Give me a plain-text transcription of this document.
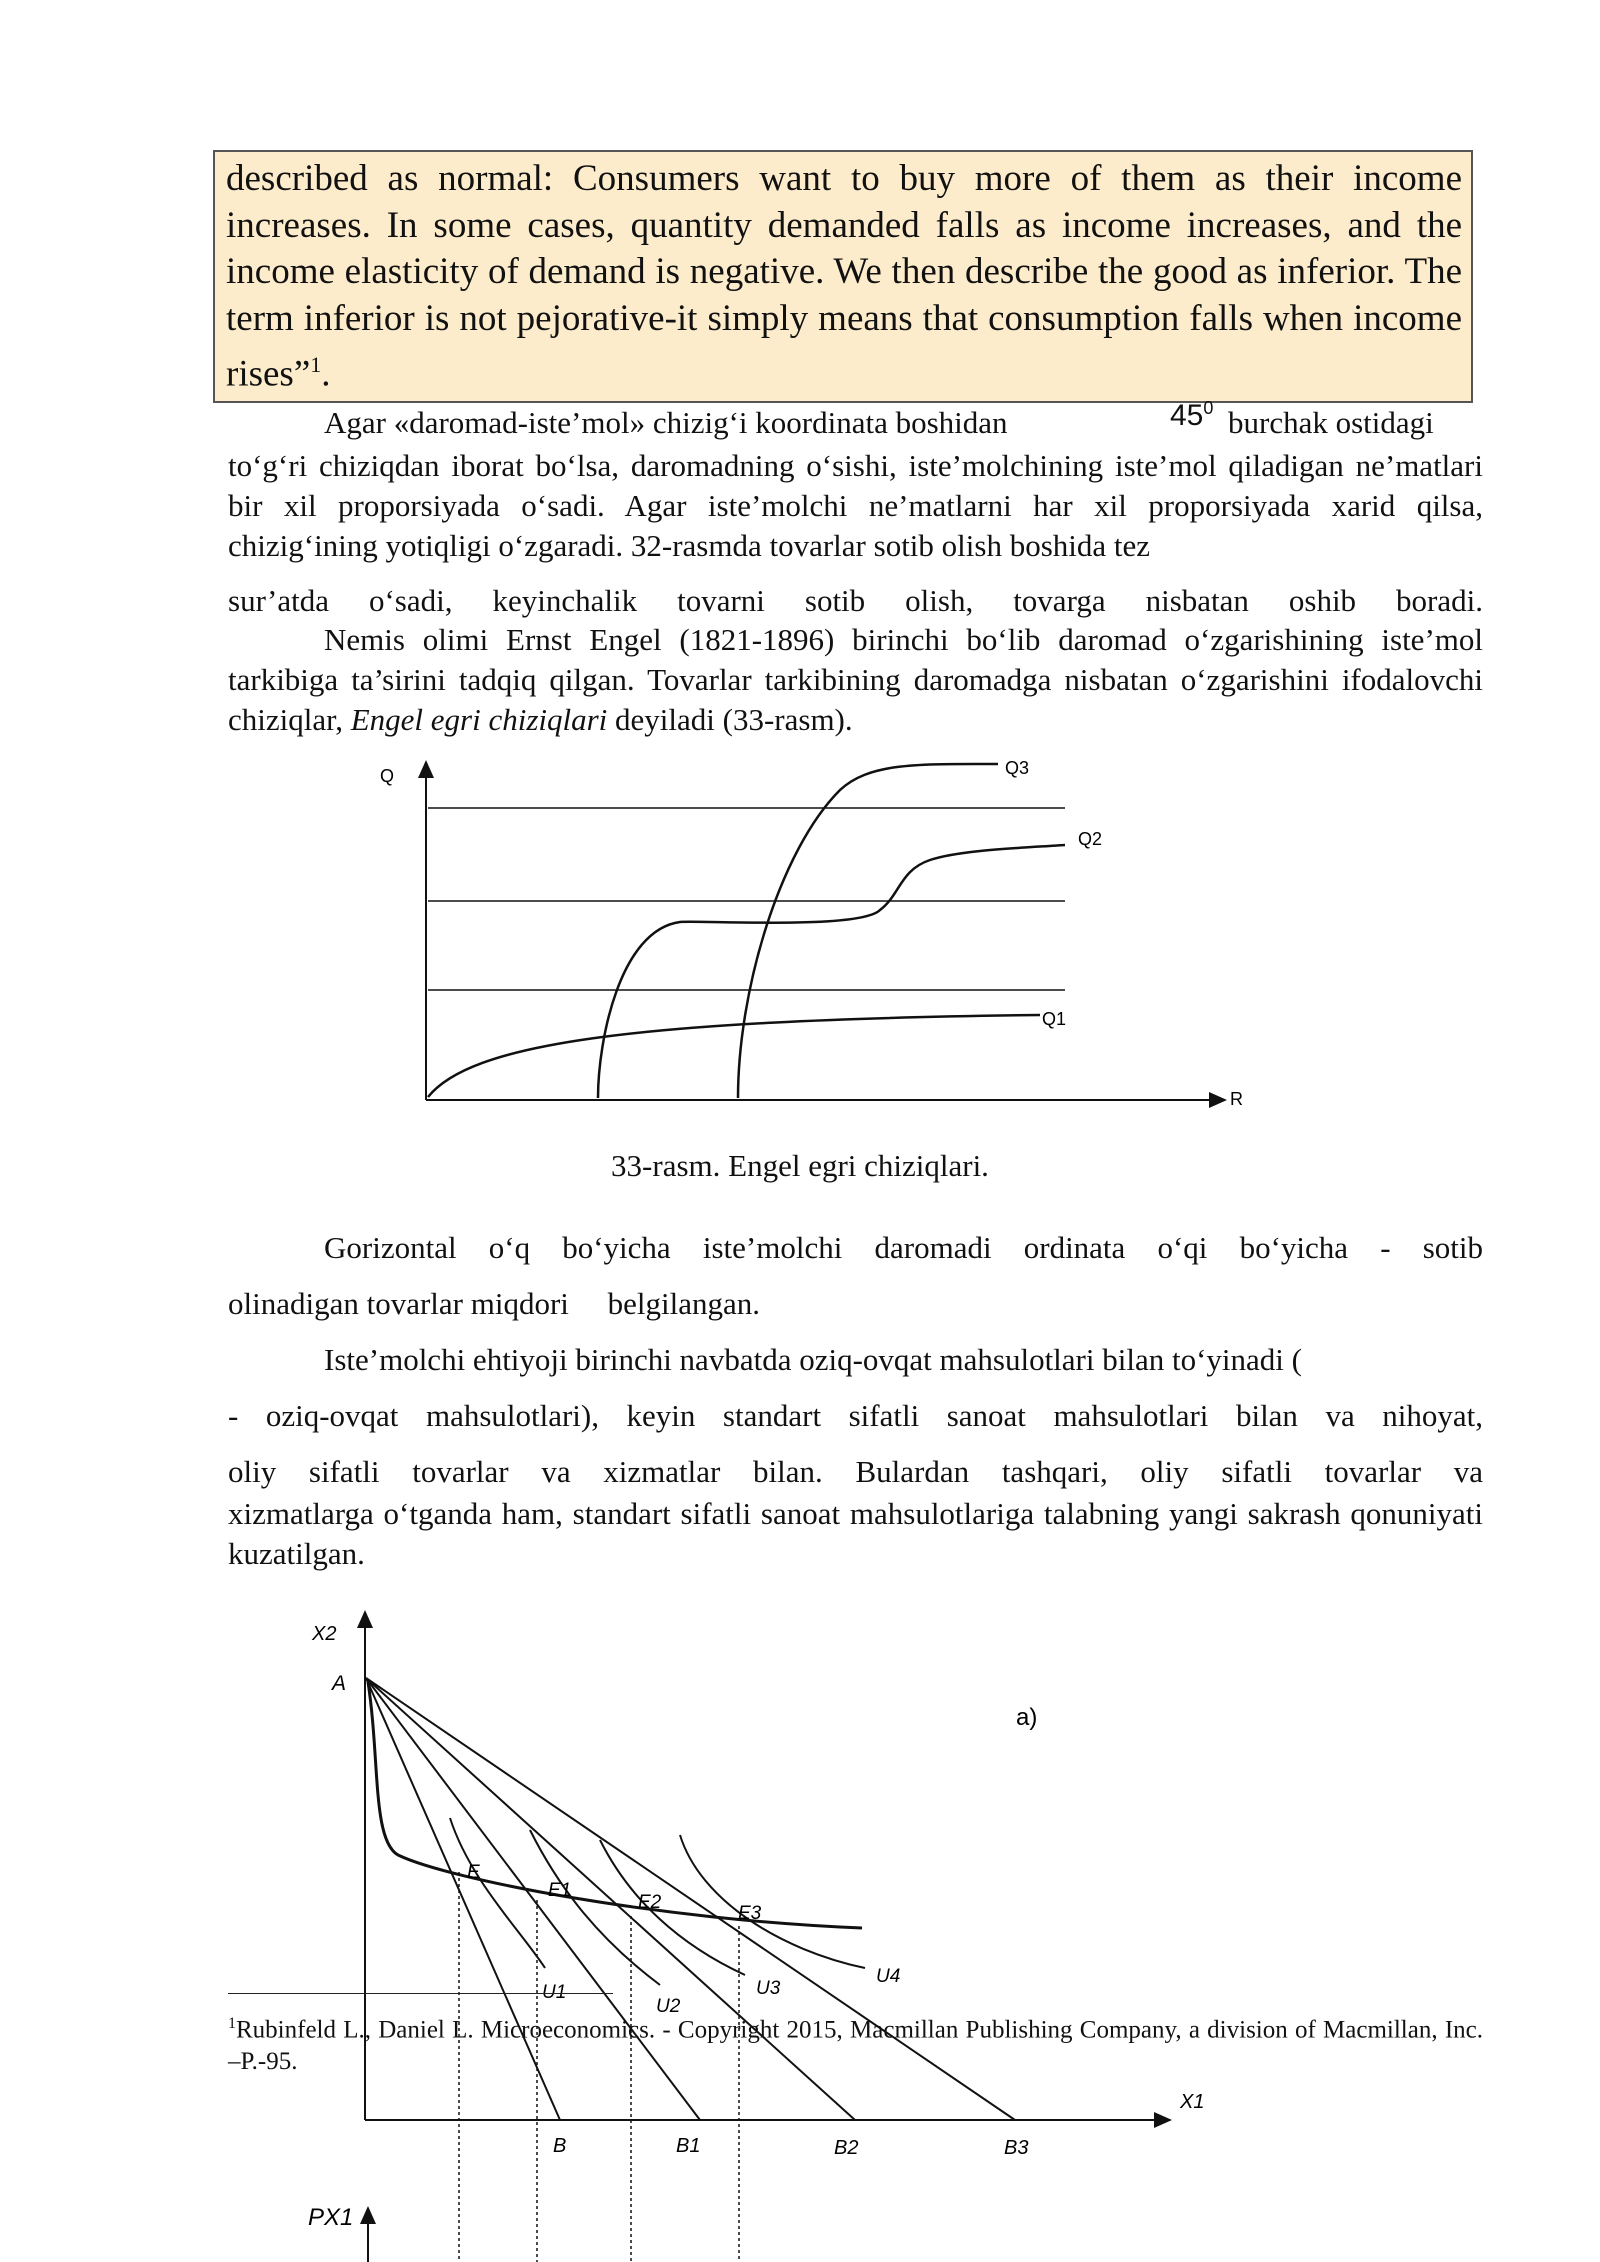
described as normal: Consumers want to buy more of them as their income increases. In some cases, quantity demanded falls as income increases, and the income elasticity of demand is negative. We then describe the good as inferior. The term inferior is not pejorative-it simply means that consumption falls when income rises”$^1$.
Agar «daromad-iste’mol» chizig‘i koordinata boshidan	$45^0$ burchak ostidagi

to‘g‘ri chiziqdan iborat bo‘lsa, daromadning o‘sishi, iste’molchining iste’mol qiladigan ne’matlari bir xil proporsiyada o‘sadi. Agar iste’molchi ne’matlarni har xil proporsiyada xarid qilsa, chizig‘ining yotiqligi o‘zgaradi. 32-rasmda tovarlar sotib olish boshida tez

sur’atda o‘sadi, keyinchalik tovarni sotib olish, tovarga nisbatan oshib boradi.

Nemis olimi Ernst Engel (1821-1896) birinchi bo‘lib daromad o‘zgarishining iste’mol tarkibiga ta’sirini tadqiq qilgan. Tovarlar tarkibining daromadga nisbatan o‘zgarishini ifodalovchi chiziqlar, Engel egri chiziqlari deyiladi (33-rasm).

Q
R
Q3
Q2
Q1
33-rasm. Engel egri chiziqlari.
Gorizontal o‘q bo‘yicha iste’molchi daromadi ordinata o‘qi bo‘yicha - sotib
olinadigan tovarlar miqdori     belgilangan.
Iste’molchi ehtiyoji birinchi navbatda oziq-ovqat mahsulotlari bilan to‘yinadi (
- oziq-ovqat mahsulotlari), keyin standart sifatli sanoat mahsulotlari bilan va nihoyat,
oliy sifatli tovarlar va xizmatlar bilan. Bulardan tashqari, oliy sifatli tovarlar va

xizmatlarga o‘tganda ham, standart sifatli sanoat mahsulotlariga talabning yangi sakrash qonuniyati kuzatilgan.

X2
A
a)
E
E1
E2
E3
U1
U2
U3
U4
X1
B	B1	B2	B3
PX1
$^1$Rubinfeld L., Daniel L. Microeconomics. - Copyright 2015, Macmillan Publishing Company, a division of Macmillan, Inc. –P.-95.
